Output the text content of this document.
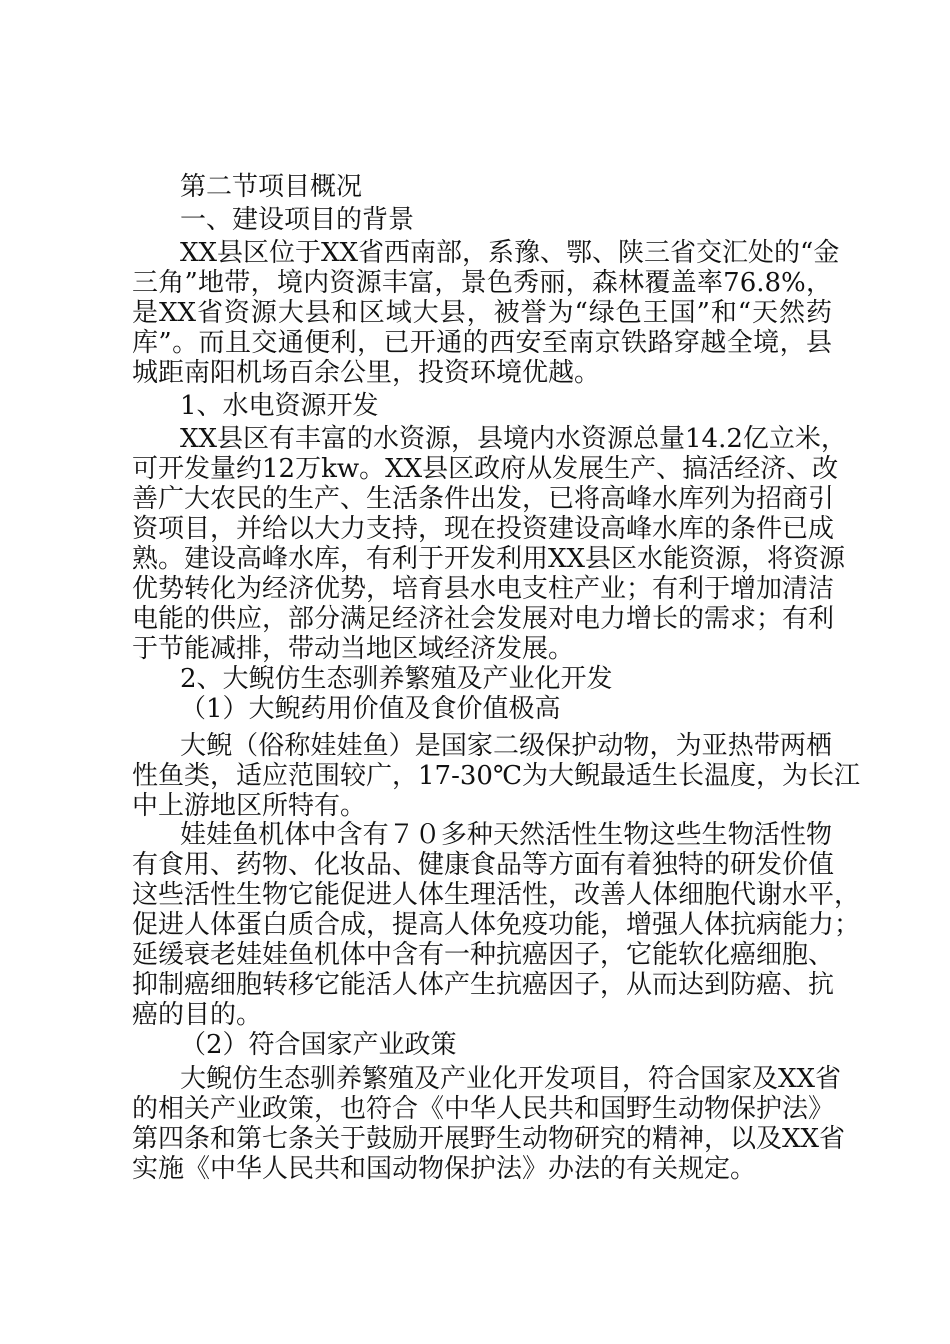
第二节项目概况
一、建设项目的背景
XX县区位于XX省西南部，系豫、鄂、陕三省交汇处的“金
三角”地带，境内资源丰富，景色秀丽，森林覆盖率76.8%，
是XX省资源大县和区域大县，被誉为“绿色王国”和“天然药
库”。而且交通便利，已开通的西安至南京铁路穿越全境，县
城距南阳机场百余公里，投资环境优越。
1、水电资源开发
XX县区有丰富的水资源，县境内水资源总量14.2亿立米，
可开发量约12万kw。XX县区政府从发展生产、搞活经济、改
善广大农民的生产、生活条件出发，已将高峰水库列为招商引
资项目，并给以大力支持，现在投资建设高峰水库的条件已成
熟。建设高峰水库，有利于开发利用XX县区水能资源，将资源
优势转化为经济优势，培育县水电支柱产业；有利于增加清洁
电能的供应，部分满足经济社会发展对电力增长的需求；有利
于节能减排，带动当地区域经济发展。
2、大鲵仿生态驯养繁殖及产业化开发
（1）大鲵药用价值及食价值极高
大鲵（俗称娃娃鱼）是国家二级保护动物，为亚热带两栖
性鱼类，适应范围较广，17-30℃为大鲵最适生长温度，为长江
中上游地区所特有。
娃娃鱼机体中含有７０多种天然活性生物这些生物活性物
有食用、药物、化妆品、健康食品等方面有着独特的研发价值
这些活性生物它能促进人体生理活性，改善人体细胞代谢水平，
促进人体蛋白质合成，提高人体免疫功能，增强人体抗病能力；
延缓衰老娃娃鱼机体中含有一种抗癌因子，它能软化癌细胞、
抑制癌细胞转移它能活人体产生抗癌因子，从而达到防癌、抗
癌的目的。
（2）符合国家产业政策
大鲵仿生态驯养繁殖及产业化开发项目，符合国家及XX省
的相关产业政策，也符合《中华人民共和国野生动物保护法》
第四条和第七条关于鼓励开展野生动物研究的精神，以及XX省
实施《中华人民共和国动物保护法》办法的有关规定。
